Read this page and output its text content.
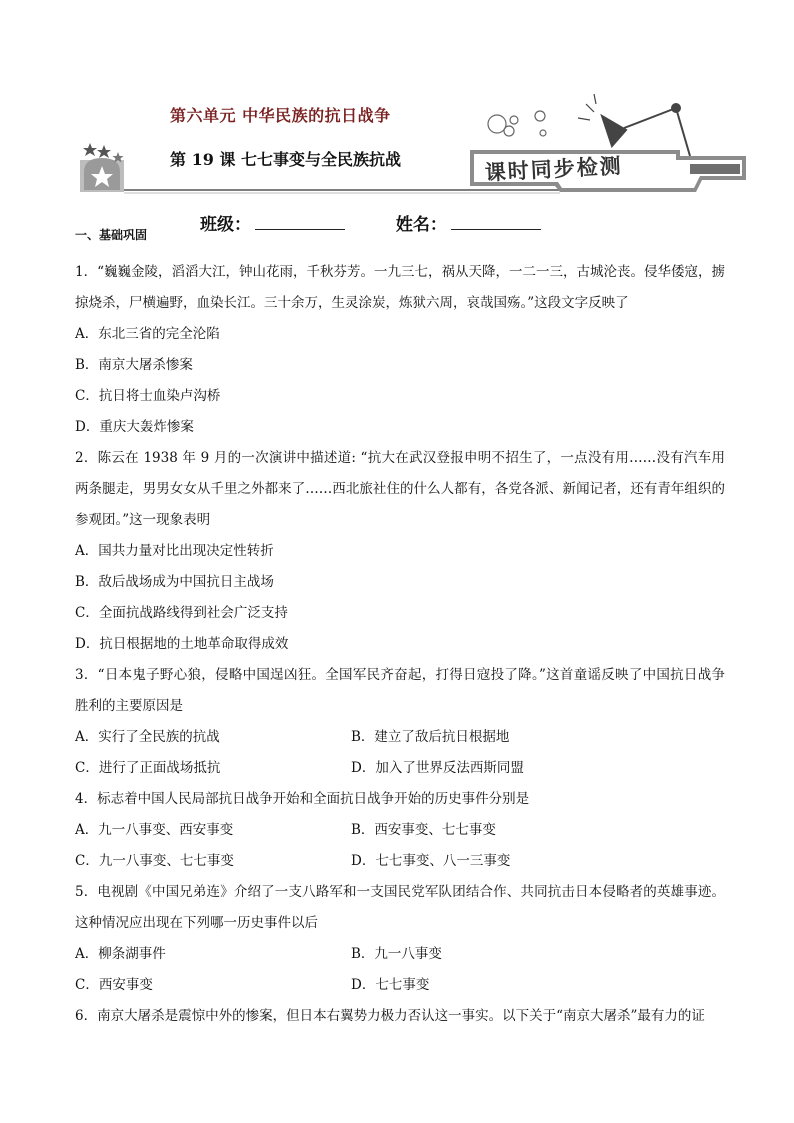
第六单元 中华民族的抗日战争
第 19 课 七七事变与全民族抗战	课时同步检测
班级：	姓名：
一、基础巩固

1．“巍巍金陵，滔滔大江，钟山花雨，千秋芬芳。一九三七，祸从天降，一二一三，古城沦丧。侵华倭寇，掳掠烧杀，尸横遍野，血染长江。三十余万，生灵涂炭，炼狱六周，哀哉国殇。”这段文字反映了

A．东北三省的完全沦陷

B．南京大屠杀惨案

C．抗日将士血染卢沟桥

D．重庆大轰炸惨案

2．陈云在 1938 年 9 月的一次演讲中描述道: “抗大在武汉登报申明不招生了，一点没有用……没有汽车用两条腿走，男男女女从千里之外都来了……西北旅社住的什么人都有，各党各派、新闻记者，还有青年组织的参观团。”这一现象表明

A．国共力量对比出现决定性转折

B．敌后战场成为中国抗日主战场

C．全面抗战路线得到社会广泛支持

D．抗日根据地的土地革命取得成效

3．“日本鬼子野心狼，侵略中国逞凶狂。全国军民齐奋起，打得日寇投了降。”这首童谣反映了中国抗日战争胜利的主要原因是

A．实行了全民族的抗战	B．建立了敌后抗日根据地
C．进行了正面战场抵抗	D．加入了世界反法西斯同盟

4．标志着中国人民局部抗日战争开始和全面抗日战争开始的历史事件分别是

A．九一八事变、西安事变	B．西安事变、七七事变
C．九一八事变、七七事变	D．七七事变、八一三事变

5．电视剧《中国兄弟连》介绍了一支八路军和一支国民党军队团结合作、共同抗击日本侵略者的英雄事迹。这种情况应出现在下列哪一历史事件以后

A．柳条湖事件	B．九一八事变
C．西安事变	D．七七事变

6．南京大屠杀是震惊中外的惨案，但日本右翼势力极力否认这一事实。以下关于“南京大屠杀”最有力的证
